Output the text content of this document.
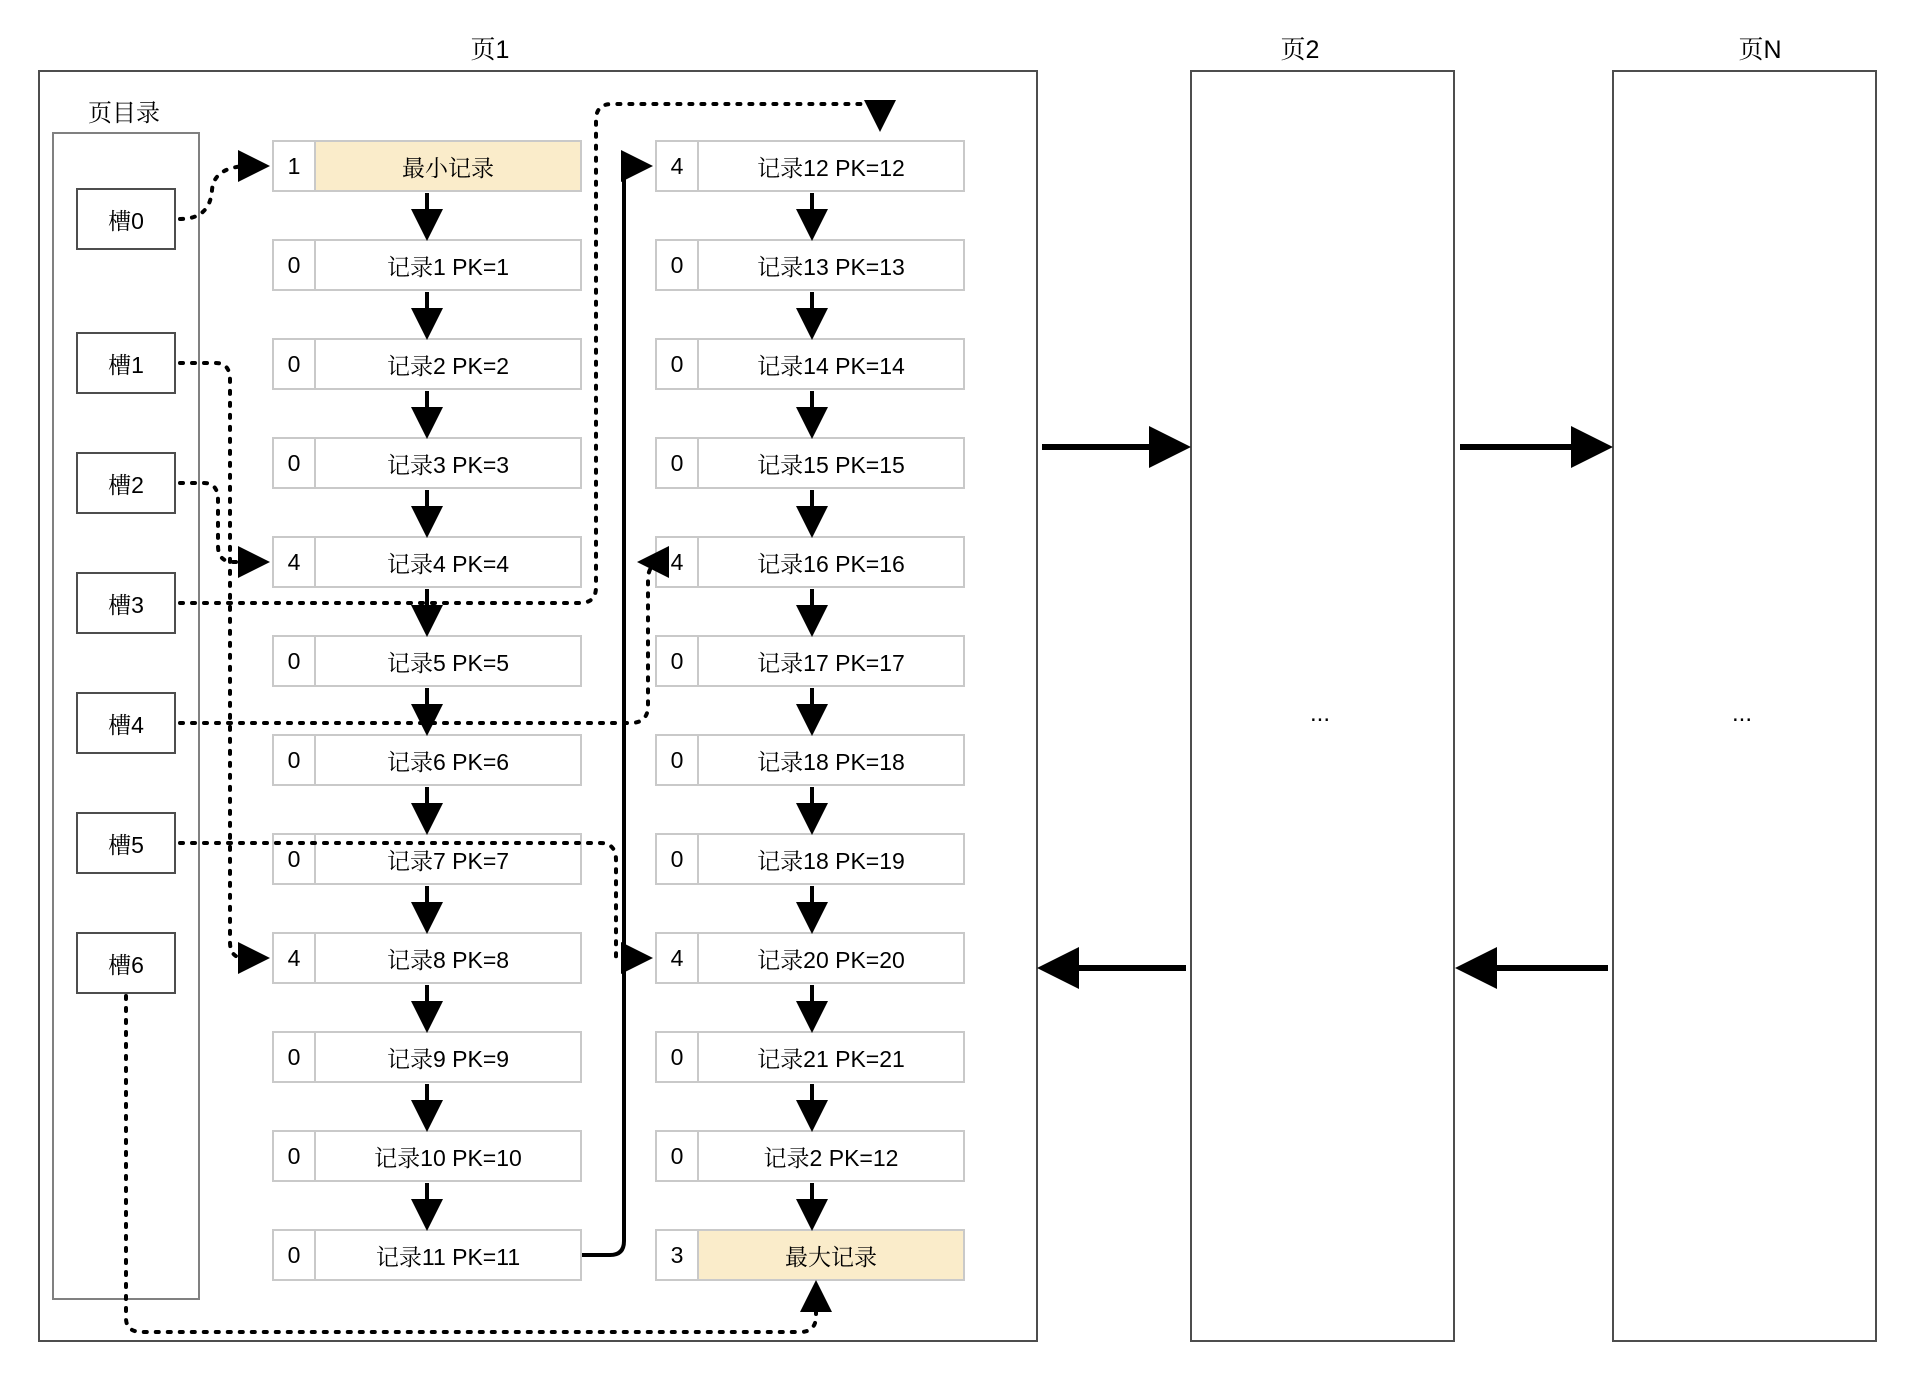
页1	页2	页N
...	...
页目录
槽0
槽1
槽2
槽3
槽4
槽5
槽6
1	最小记录
0	记录1 PK=1
0	记录2 PK=2
0	记录3 PK=3
4	记录4 PK=4
0	记录5 PK=5
0	记录6 PK=6
0	记录7 PK=7
4	记录8 PK=8
0	记录9 PK=9
0	记录10 PK=10
0	记录11 PK=11
4	记录12 PK=12
0	记录13 PK=13
0	记录14 PK=14
0	记录15 PK=15
4	记录16 PK=16
0	记录17 PK=17
0	记录18 PK=18
0	记录18 PK=19
4	记录20 PK=20
0	记录21 PK=21
0	记录2 PK=12
3	最大记录
